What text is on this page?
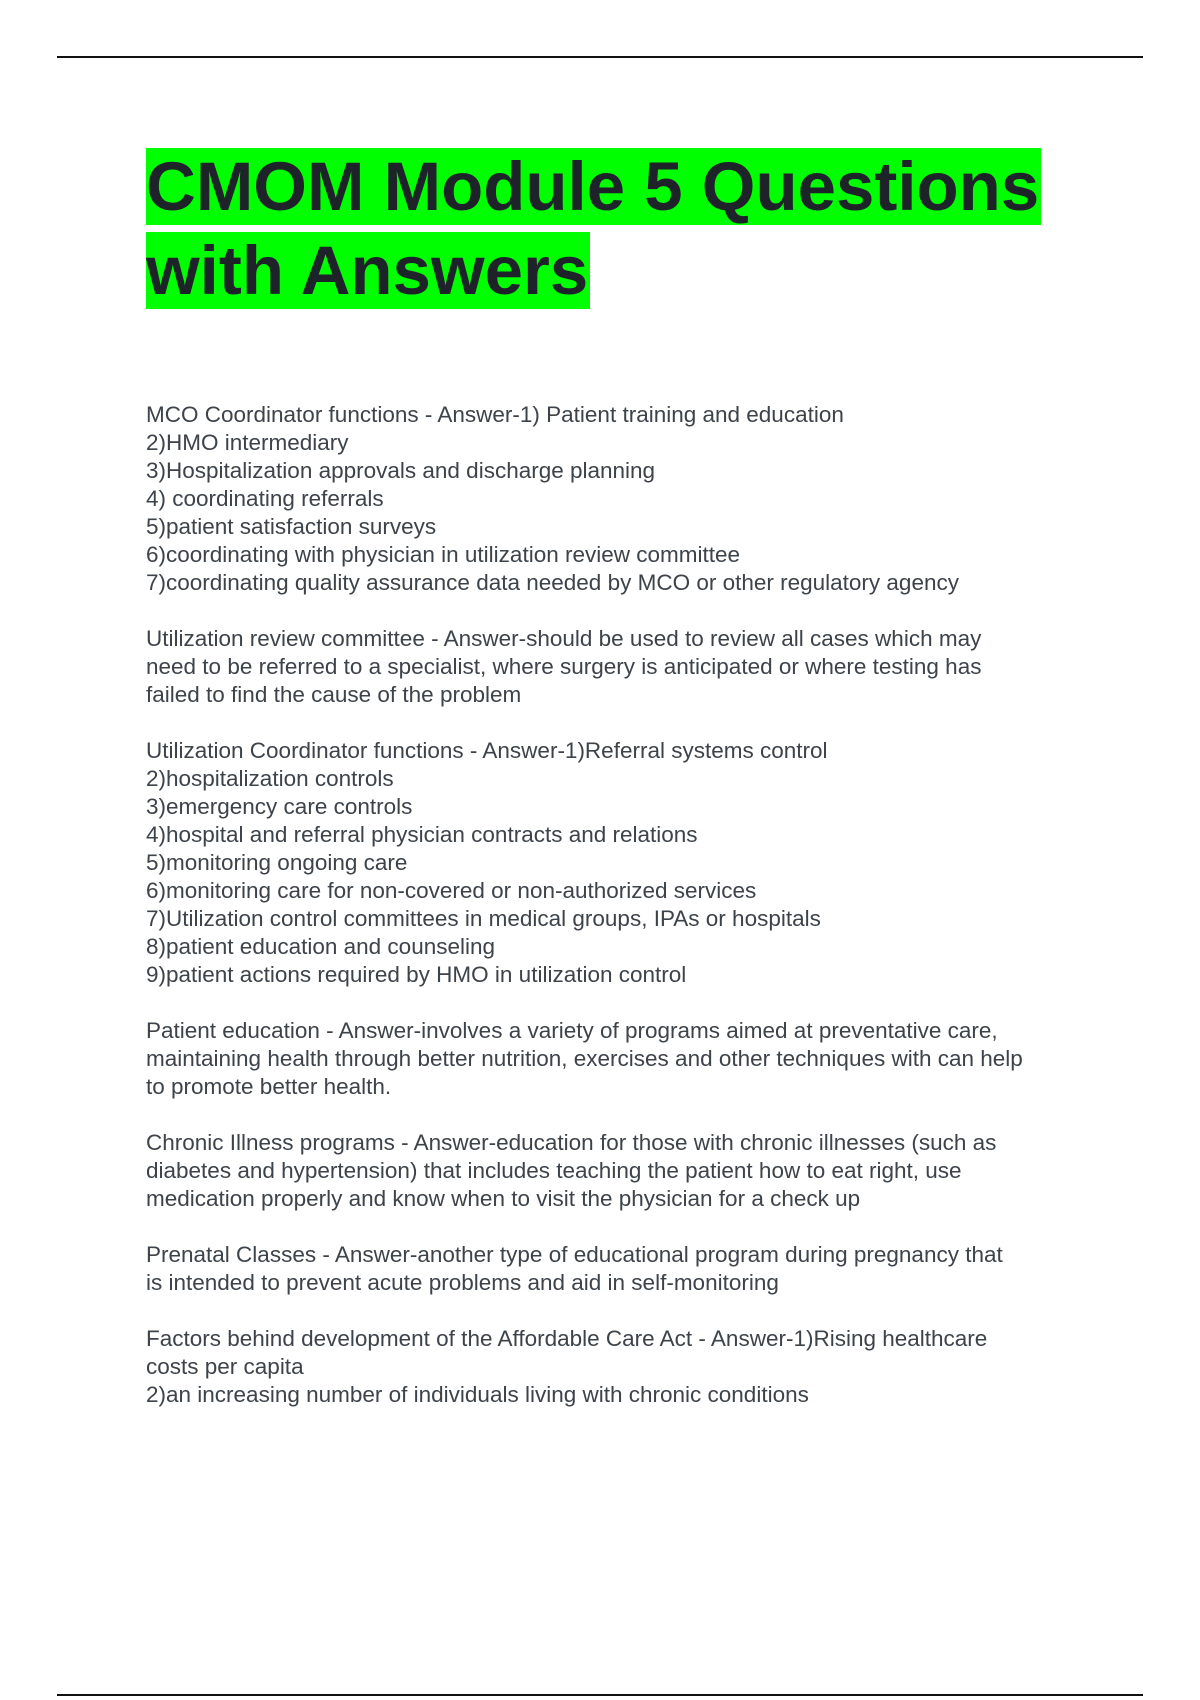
CMOM Module 5 Questions
with Answers
MCO Coordinator functions - Answer-1) Patient training and education
2)HMO intermediary
3)Hospitalization approvals and discharge planning
4) coordinating referrals
5)patient satisfaction surveys
6)coordinating with physician in utilization review committee
7)coordinating quality assurance data needed by MCO or other regulatory agency
Utilization review committee - Answer-should be used to review all cases which may
need to be referred to a specialist, where surgery is anticipated or where testing has
failed to find the cause of the problem
Utilization Coordinator functions - Answer-1)Referral systems control
2)hospitalization controls
3)emergency care controls
4)hospital and referral physician contracts and relations
5)monitoring ongoing care
6)monitoring care for non-covered or non-authorized services
7)Utilization control committees in medical groups, IPAs or hospitals
8)patient education and counseling
9)patient actions required by HMO in utilization control
Patient education - Answer-involves a variety of programs aimed at preventative care,
maintaining health through better nutrition, exercises and other techniques with can help
to promote better health.
Chronic Illness programs - Answer-education for those with chronic illnesses (such as
diabetes and hypertension) that includes teaching the patient how to eat right, use
medication properly and know when to visit the physician for a check up
Prenatal Classes - Answer-another type of educational program during pregnancy that
is intended to prevent acute problems and aid in self-monitoring
Factors behind development of the Affordable Care Act - Answer-1)Rising healthcare
costs per capita
2)an increasing number of individuals living with chronic conditions
